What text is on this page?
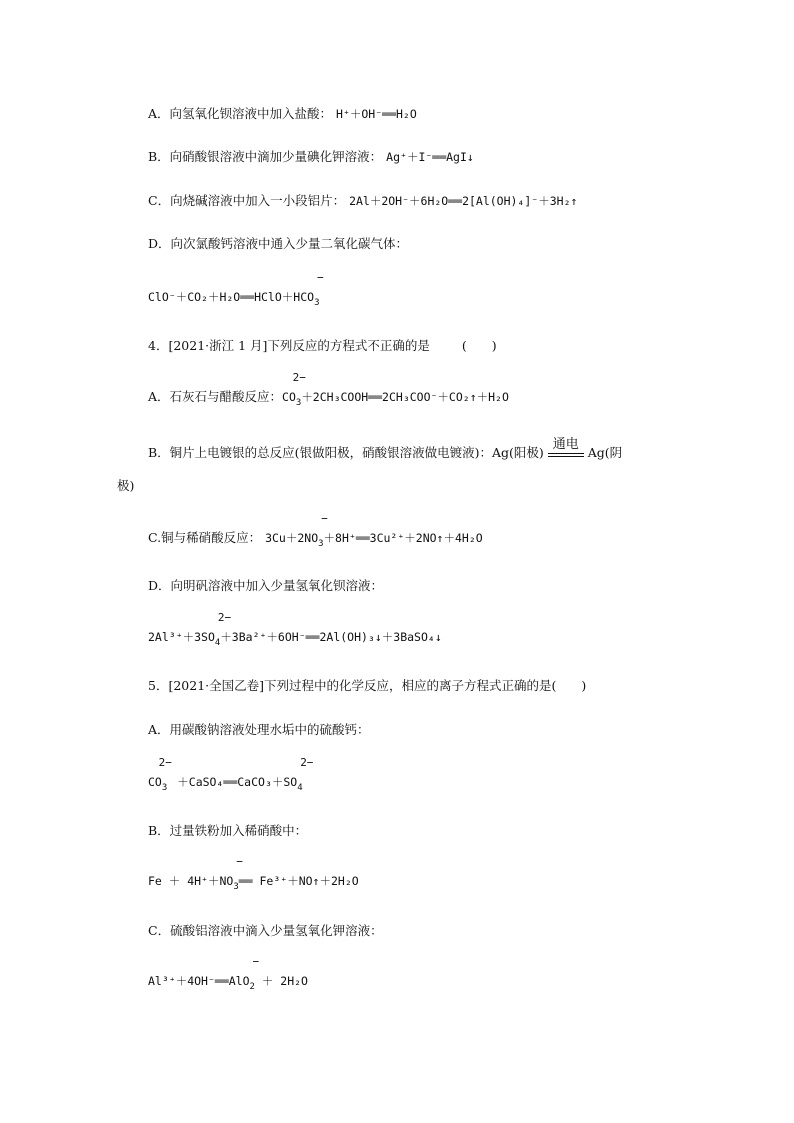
A．向氢氧化钡溶液中加入盐酸： H⁺＋OH⁻══H₂O
B．向硝酸银溶液中滴加少量碘化钾溶液： Ag⁺＋I⁻══AgI↓
C．向烧碱溶液中加入一小段铝片： 2Al＋2OH⁻＋6H₂O══2[Al(OH)₄]⁻＋3H₂↑
D．向次氯酸钙溶液中通入少量二氧化碳气体：
ClO⁻＋CO₂＋H₂O══HClO＋HCO
−
$_3$
4．[2021·浙江 1 月]下列反应的方程式不正确的是	(　　)
A．石灰石与醋酸反应：CO
2−
$_3$＋2CH₃COOH══2CH₃COO⁻＋CO₂↑＋H₂O
B．铜片上电镀银的总反应(银做阳极，硝酸银溶液做电镀液)：Ag(阳极)
通电
Ag(阴
极)
C.铜与稀硝酸反应： 3Cu＋2NO
−
$_3$＋8H⁺══3Cu²⁺＋2NO↑＋4H₂O
D．向明矾溶液中加入少量氢氧化钡溶液：
2Al³⁺＋3SO
2−
$_4$＋3Ba²⁺＋6OH⁻══2Al(OH)₃↓＋3BaSO₄↓
5．[2021·全国乙卷]下列过程中的化学反应，相应的离子方程式正确的是(　　)
A．用碳酸钠溶液处理水垢中的硫酸钙：
CO
2−
$_3$ ＋CaSO₄══CaCO₃＋SO
2−
$_4$
B．过量铁粉加入稀硝酸中：
Fe ＋ 4H⁺＋NO
−
$_3$══ Fe³⁺＋NO↑＋2H₂O
C．硫酸铝溶液中滴入少量氢氧化钾溶液：
Al³⁺＋4OH⁻══AlO
−
$_2$ ＋ 2H₂O
